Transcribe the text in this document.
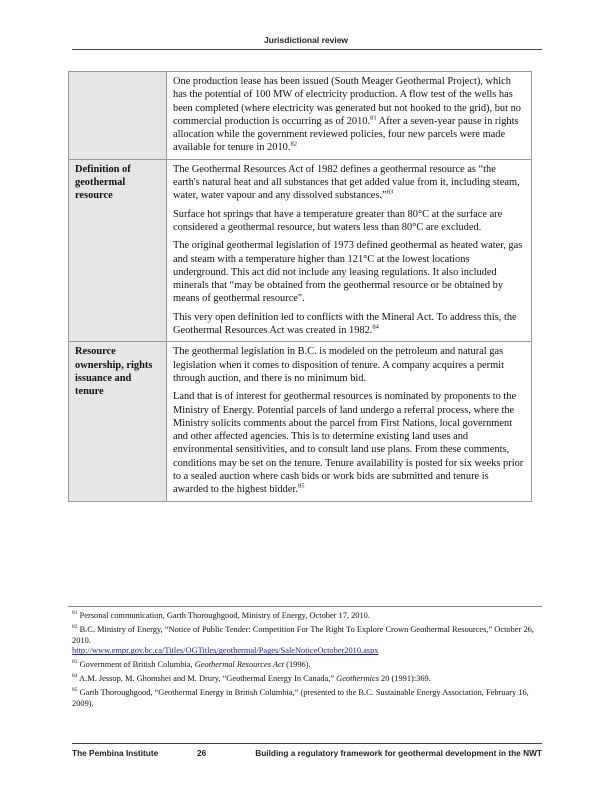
Jurisdictional review

	One production lease has been issued (South Meager Geothermal Project), which has the potential of 100 MW of electricity production. A flow test of the wells has been completed (where electricity was generated but not hooked to the grid), but no commercial production is occurring as of 2010.81 After a seven-year pause in rights allocation while the government reviewed policies, four new parcels were made available for tenure in 2010.82

Definition of geothermal resource	The Geothermal Resources Act of 1982 defines a geothermal resource as “the earth's natural heat and all substances that get added value from it, including steam, water, water vapour and any dissolved substances.”$^{83}$

Surface hot springs that have a temperature greater than 80°C at the surface are considered a geothermal resource, but waters less than 80°C are excluded.

The original geothermal legislation of 1973 defined geothermal as heated water, gas and steam with a temperature higher than 121°C at the lowest locations underground. This act did not include any leasing regulations. It also included minerals that “may be obtained from the geothermal resource or be obtained by means of geothermal resource".

This very open definition led to conflicts with the Mineral Act. To address this, the Geothermal Resources Act was created in 1982.84

Resource ownership, rights issuance and tenure	The geothermal legislation in B.C. is modeled on the petroleum and natural gas legislation when it comes to disposition of tenure. A company acquires a permit through auction, and there is no minimum bid.

Land that is of interest for geothermal resources is nominated by proponents to the Ministry of Energy. Potential parcels of land undergo a referral process, where the Ministry solicits comments about the parcel from First Nations, local government and other affected agencies. This is to determine existing land uses and environmental sensitivities, and to consult land use plans. From these comments, conditions may be set on the tenure. Tenure availability is posted for six weeks prior to a sealed auction where cash bids or work bids are submitted and tenure is awarded to the highest bidder.$^{85}$

$^{81}$ Personal communication, Garth Thoroughgood, Ministry of Energy, October 17, 2010.
$^{82}$ B.C. Ministry of Energy, “Notice of Public Tender: Competition For The Right To Explore Crown Geothermal Resources,” October 26, 2010.
http://www.empr.gov.bc.ca/Titles/OGTitles/geothermal/Pages/SaleNoticeOctober2010.aspx
$^{83}$ Government of British Columbia, Geothermal Resources Act (1996).
$^{84}$ A.M. Jessop, M. Ghomshei and M. Drury, “Geothermal Energy In Canada,” Geothermics 20 (1991):369.
$^{85}$ Garth Thoroughgood, “Geothermal Energy in British Columbia,” (presented to the B.C. Sustainable Energy Association, February 16, 2009).
The Pembina Institute	26	Building a regulatory framework for geothermal development in the NWT
